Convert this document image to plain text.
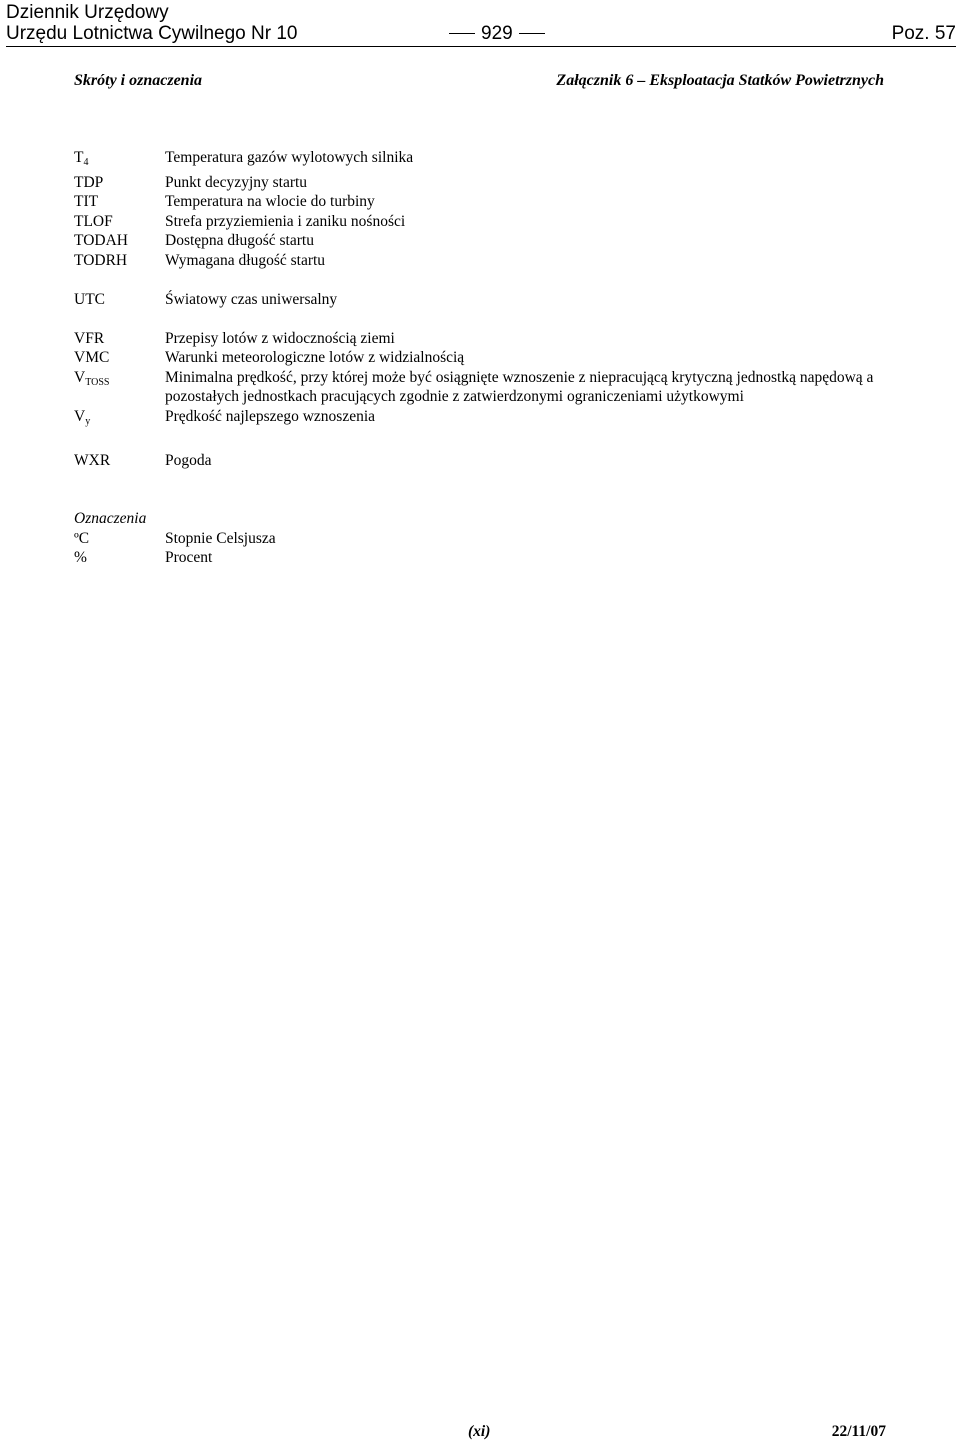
Dziennik Urzędowy
Urzędu Lotnictwa Cywilnego Nr 10	929	Poz. 57
Skróty i oznaczenia	Załącznik 6 – Eksploatacja Statków Powietrznych
$T_4$	Temperatura gazów wylotowych silnika
TDP	Punkt decyzyjny startu
TIT	Temperatura na wlocie do turbiny
TLOF	Strefa przyziemienia i zaniku nośności
TODAH	Dostępna długość startu
TODRH	Wymagana długość startu
UTC	Światowy czas uniwersalny
VFR	Przepisy lotów z widocznością ziemi
VMC	Warunki meteorologiczne lotów z widzialnością
$V_{TOSS}$	Minimalna prędkość, przy której może być osiągnięte wznoszenie z niepracującą krytyczną jednostką napędową a pozostałych jednostkach pracujących zgodnie z zatwierdzonymi ograniczeniami użytkowymi
$V_y$	Prędkość najlepszego wznoszenia
WXR	Pogoda
Oznaczenia
ºC	Stopnie Celsjusza
%	Procent
(xi)	22/11/07
